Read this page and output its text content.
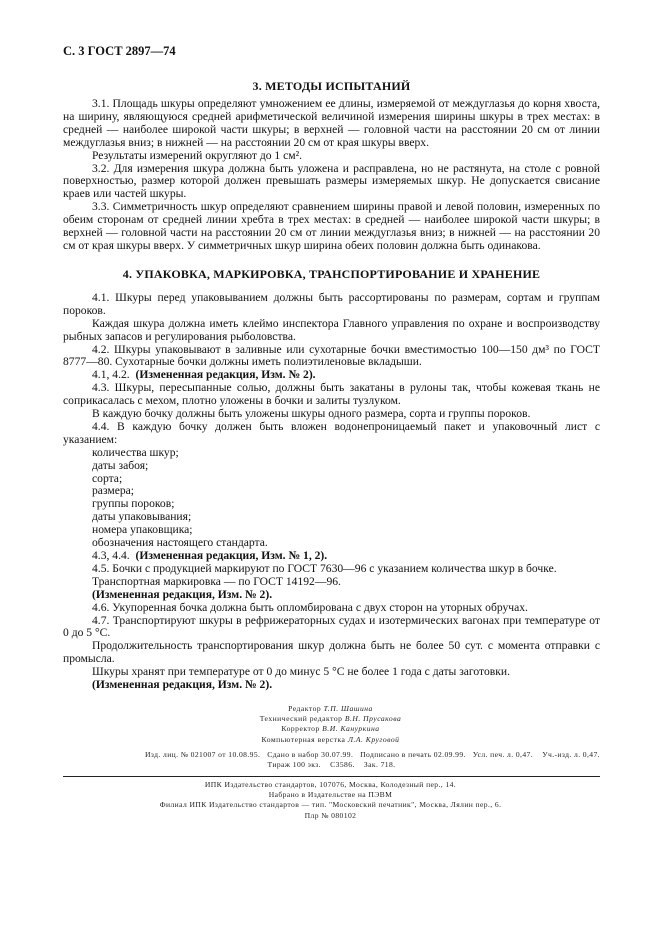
С. 3 ГОСТ 2897—74
3. МЕТОДЫ ИСПЫТАНИЙ

3.1. Площадь шкуры определяют умножением ее длины, измеряемой от междуглазья до корня хвоста, на ширину, являющуюся средней арифметической величиной измерения ширины шкуры в трех местах: в средней — наиболее широкой части шкуры; в верхней — головной части на расстоянии 20 см от линии междуглазья вниз; в нижней — на расстоянии 20 см от края шкуры вверх.

Результаты измерений округляют до 1 см².

3.2. Для измерения шкура должна быть уложена и расправлена, но не растянута, на столе с ровной поверхностью, размер которой должен превышать размеры измеряемых шкур. Не допускается свисание краев или частей шкуры.

3.3. Симметричность шкур определяют сравнением ширины правой и левой половин, измеренных по обеим сторонам от средней линии хребта в трех местах: в средней — наиболее широкой части шкуры; в верхней — головной части на расстоянии 20 см от линии междуглазья вниз; в нижней — на расстоянии 20 см от края шкуры вверх. У симметричных шкур ширина обеих половин должна быть одинакова.

4. УПАКОВКА, МАРКИРОВКА, ТРАНСПОРТИРОВАНИЕ И ХРАНЕНИЕ

4.1. Шкуры перед упаковыванием должны быть рассортированы по размерам, сортам и группам пороков.

Каждая шкура должна иметь клеймо инспектора Главного управления по охране и воспроизводству рыбных запасов и регулирования рыболовства.

4.2. Шкуры упаковывают в заливные или сухотарные бочки вместимостью 100—150 дм³ по ГОСТ 8777—80. Сухотарные бочки должны иметь полиэтиленовые вкладыши.

4.1, 4.2. (Измененная редакция, Изм. № 2).

4.3. Шкуры, пересыпанные солью, должны быть закатаны в рулоны так, чтобы кожевая ткань не соприкасалась с мехом, плотно уложены в бочки и залиты тузлуком.

В каждую бочку должны быть уложены шкуры одного размера, сорта и группы пороков.

4.4. В каждую бочку должен быть вложен водонепроницаемый пакет и упаковочный лист с указанием:

количества шкур;

даты забоя;

сорта;

размера;

группы пороков;

даты упаковывания;

номера упаковщика;

обозначения настоящего стандарта.

4.3, 4.4. (Измененная редакция, Изм. № 1, 2).

4.5. Бочки с продукцией маркируют по ГОСТ 7630—96 с указанием количества шкур в бочке.

Транспортная маркировка — по ГОСТ 14192—96.

(Измененная редакция, Изм. № 2).

4.6. Укупоренная бочка должна быть опломбирована с двух сторон на уторных обручах.

4.7. Транспортируют шкуры в рефрижераторных судах и изотермических вагонах при температуре от 0 до 5 °С.

Продолжительность транспортирования шкур должна быть не более 50 сут. с момента отправки с промысла.

Шкуры хранят при температуре от 0 до минус 5 °С не более 1 года с даты заготовки.

(Измененная редакция, Изм. № 2).

Редактор Т.П. Шашина
Технический редактор В.Н. Прусакова
Корректор В.И. Кануркина
Компьютерная верстка Л.А. Круговой
Изд. лиц. № 021007 от 10.08.95.   Сдано в набор 30.07.99.   Подписано в печать 02.09.99.   Усл. печ. л. 0,47.    Уч.-изд. л. 0,47.
Тираж 100 экз.    С3586.    Зак. 718.
ИПК Издательство стандартов, 107076, Москва, Колодезный пер., 14.
Набрано в Издательстве на ПЭВМ
Филиал ИПК Издательство стандартов — тип. "Московский печатник", Москва, Лялин пер., 6.
Плр № 080102
